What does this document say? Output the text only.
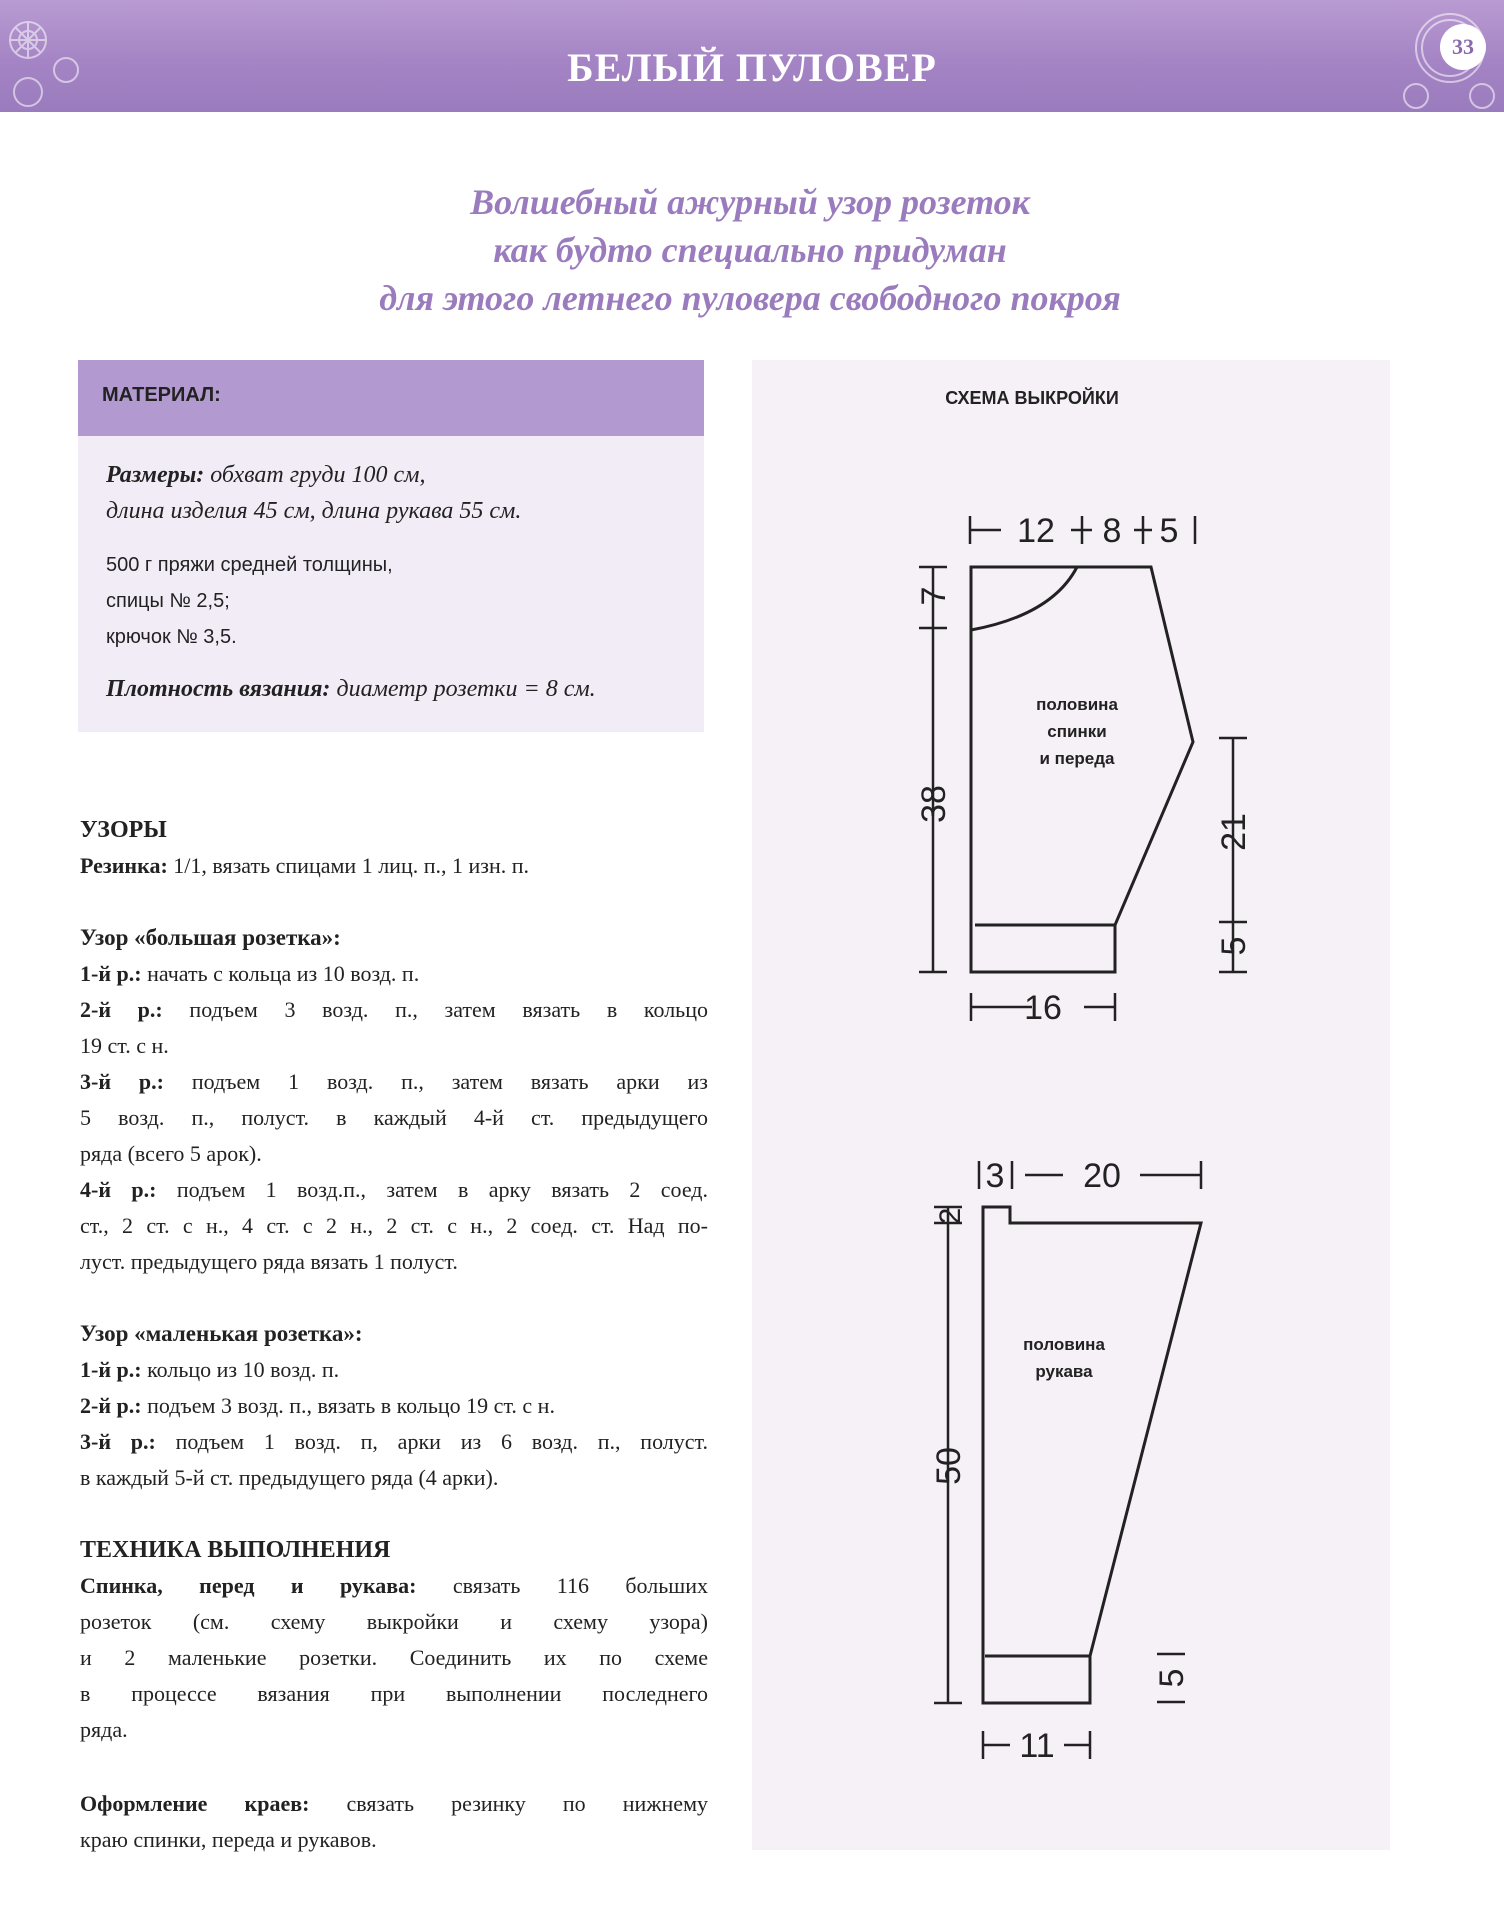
БЕЛЫЙ ПУЛОВЕР	33
Волшебный ажурный узор розеток
как будто специально придуман
для этого летнего пуловера свободного покроя
МАТЕРИАЛ:
Размеры: обхват груди 100 см,
длина изделия 45 см, длина рукава 55 см.
500 г пряжи средней толщины,
спицы № 2,5;
крючок № 3,5.
Плотность вязания: диаметр розетки = 8 см.
УЗОРЫ
Резинка: 1/1, вязать спицами 1 лиц. п., 1 изн. п.
Узор «большая розетка»:
1-й р.: начать с кольца из 10 возд. п.
2-й р.: подъем 3 возд. п., затем вязать в кольцо
19 ст. с н.
3-й р.: подъем 1 возд. п., затем вязать арки из
5 возд. п., полуст. в каждый 4-й ст. предыдущего
ряда (всего 5 арок).
4-й р.: подъем 1 возд.п., затем в арку вязать 2 соед.
ст., 2 ст. с н., 4 ст. с 2 н., 2 ст. с н., 2 соед. ст. Над по-
луст. предыдущего ряда вязать 1 полуст.
Узор «маленькая розетка»:
1-й р.: кольцо из 10 возд. п.
2-й р.: подъем 3 возд. п., вязать в кольцо 19 ст. с н.
3-й р.: подъем 1 возд. п, арки из 6 возд. п., полуст.
в каждый 5-й ст. предыдущего ряда (4 арки).
ТЕХНИКА ВЫПОЛНЕНИЯ
Спинка, перед и рукава: связать 116 больших
розеток (см. схему выкройки и схему узора)
и 2 маленькие розетки. Соединить их по схеме
в процессе вязания при выполнении последнего
ряда.
Оформление краев: связать резинку по нижнему
краю спинки, переда и рукавов.
СХЕМА ВЫКРОЙКИ
12 8 5
7
38
21
5
16
половина
спинки
и переда
3 20
2
50
5
11
половина
рукава
